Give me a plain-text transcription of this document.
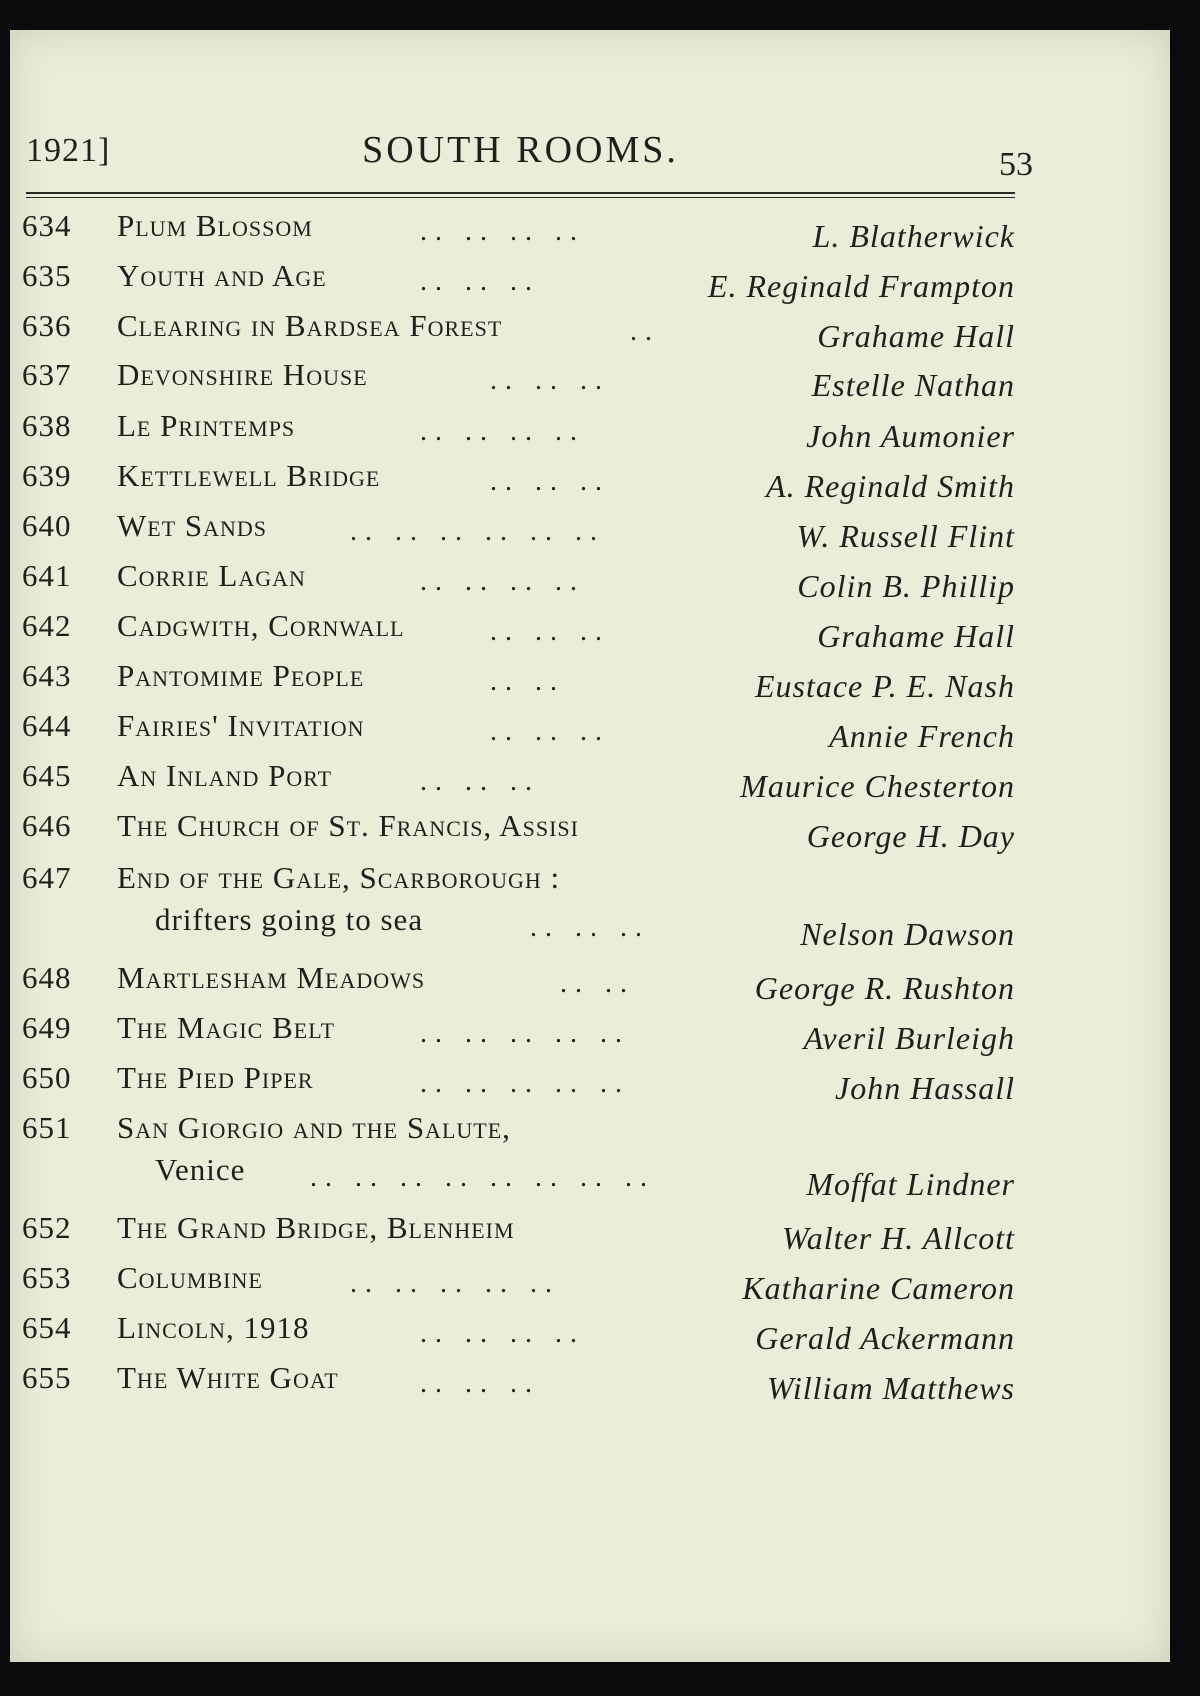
1921]	SOUTH ROOMS.	53
634 Plum Blossom	.. .. .. ..	L. Blatherwick
635 Youth and Age	.. .. ..	E. Reginald Frampton
636 Clearing in Bardsea Forest	..	Grahame Hall
637 Devonshire House	.. .. ..	Estelle Nathan
638 Le Printemps	.. .. .. ..	John Aumonier
639 Kettlewell Bridge	.. .. ..	A. Reginald Smith
640 Wet Sands	.. .. .. .. .. ..	W. Russell Flint
641 Corrie Lagan	.. .. .. ..	Colin B. Phillip
642 Cadgwith, Cornwall	.. .. ..	Grahame Hall
643 Pantomime People	.. ..	Eustace P. E. Nash
644 Fairies' Invitation	.. .. ..	Annie French
645 An Inland Port	.. .. ..	Maurice Chesterton
646 The Church of St. Francis, Assisi	George H. Day
647 End of the Gale, Scarborough :
drifters going to sea	.. .. ..	Nelson Dawson
648 Martlesham Meadows	.. ..	George R. Rushton
649 The Magic Belt	.. .. .. .. ..	Averil Burleigh
650 The Pied Piper	.. .. .. .. ..	John Hassall
651 San Giorgio and the Salute,
Venice .. .. .. .. .. .. .. ..	Moffat Lindner
652 The Grand Bridge, Blenheim	Walter H. Allcott
653 Columbine	.. .. .. .. ..	Katharine Cameron
654 Lincoln, 1918	.. .. .. ..	Gerald Ackermann
655 The White Goat	.. .. ..	William Matthews
